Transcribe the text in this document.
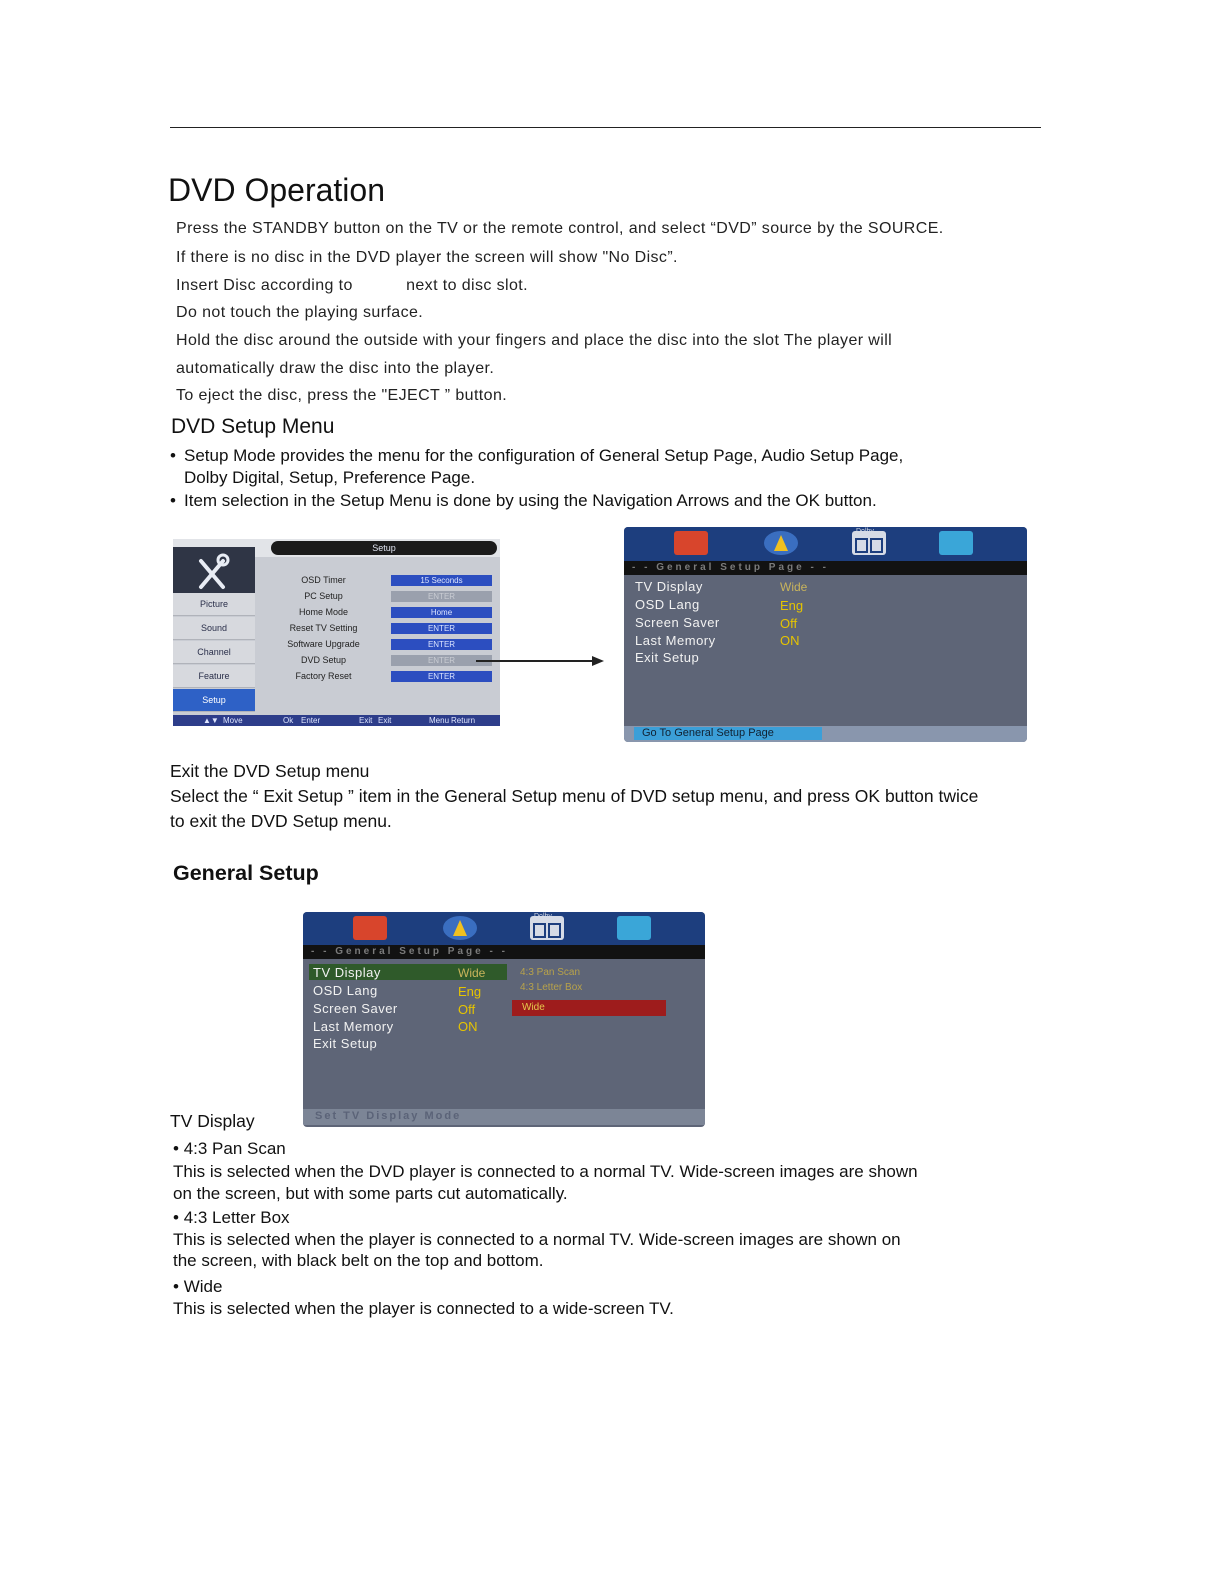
DVD Operation
Press the STANDBY button on the TV or the remote control, and select “DVD” source by the SOURCE.
If there is no disc in the DVD player the screen will show "No Disc”.
Insert Disc according to           next to disc slot.
Do not touch the playing surface.
Hold the disc around the outside with your fingers and place the disc into the slot The player will
automatically draw the disc into the player.
To eject the disc, press the "EJECT ” button.
DVD Setup Menu
• Setup Mode provides the menu for the configuration of General Setup Page, Audio Setup Page,
Dolby Digital, Setup, Preference Page.
• Item selection in the Setup Menu is done by using the Navigation Arrows and the OK button.
Setup
Picture
Sound
Channel
Feature
Setup
OSD Timer	15 Seconds
PC Setup	ENTER
Home Mode	Home
Reset TV Setting	ENTER
Software Upgrade	ENTER
DVD Setup	ENTER
Factory Reset	ENTER
▲▼ Move	Ok Enter	Exit Exit	Menu Return
Dolby
- - General Setup Page - -
TV Display	Wide
OSD Lang	Eng
Screen Saver	Off
Last Memory	ON
Exit Setup
Go To General Setup Page
Exit the DVD Setup menu
Select the “ Exit Setup ” item in the General Setup menu of DVD setup menu, and press OK button twice
to exit the DVD Setup menu.
General Setup
Dolby
- - General Setup Page - -
TV Display	Wide
OSD Lang	Eng
Screen Saver	Off
Last Memory	ON
Exit Setup
4:3 Pan Scan
4:3 Letter Box
Wide
Set TV Display Mode
TV Display
• 4:3 Pan Scan
This is selected when the DVD player is connected to a normal TV. Wide-screen images are shown
on the screen, but with some parts cut automatically.
• 4:3 Letter Box
This is selected when the player is connected to a normal TV. Wide-screen images are shown on
the screen, with black belt on the top and bottom.
• Wide
This is selected when the player is connected to a wide-screen TV.
